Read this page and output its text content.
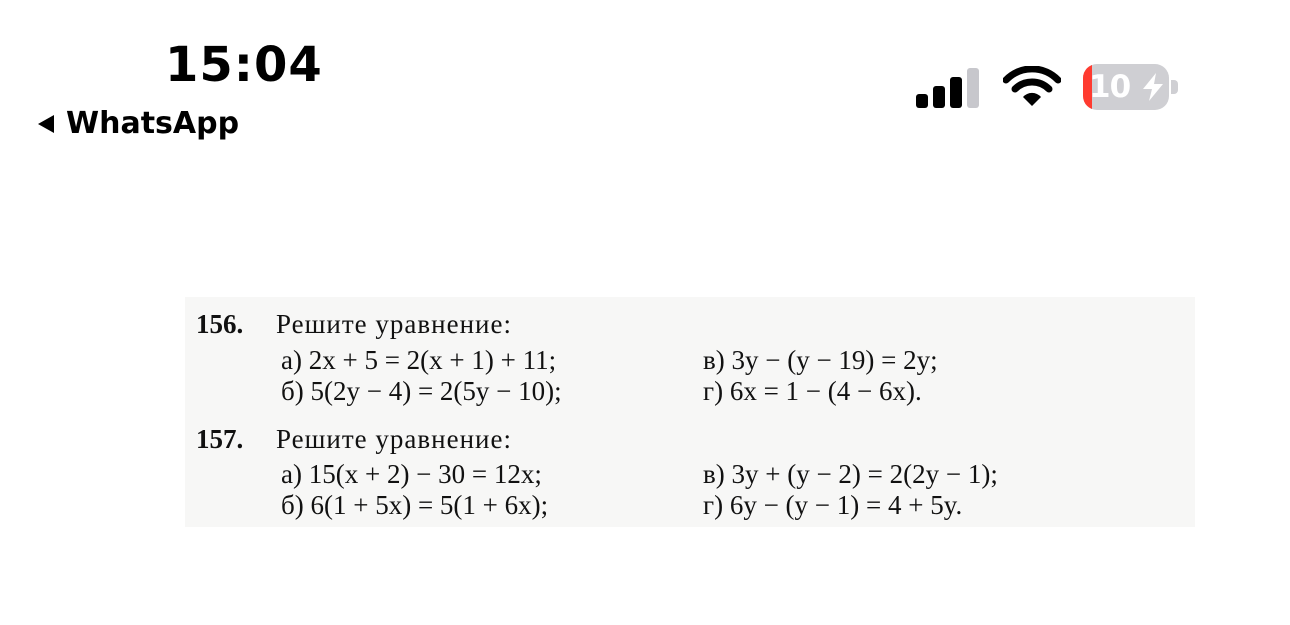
15:04
WhatsApp
10
156. Решите уравнение:
а) 2x + 5 = 2(x + 1) + 11;	в) 3y − (y − 19) = 2y;
б) 5(2y − 4) = 2(5y − 10);	г) 6x = 1 − (4 − 6x).
157. Решите уравнение:
а) 15(x + 2) − 30 = 12x;	в) 3y + (y − 2) = 2(2y − 1);
б) 6(1 + 5x) = 5(1 + 6x);	г) 6y − (y − 1) = 4 + 5y.
